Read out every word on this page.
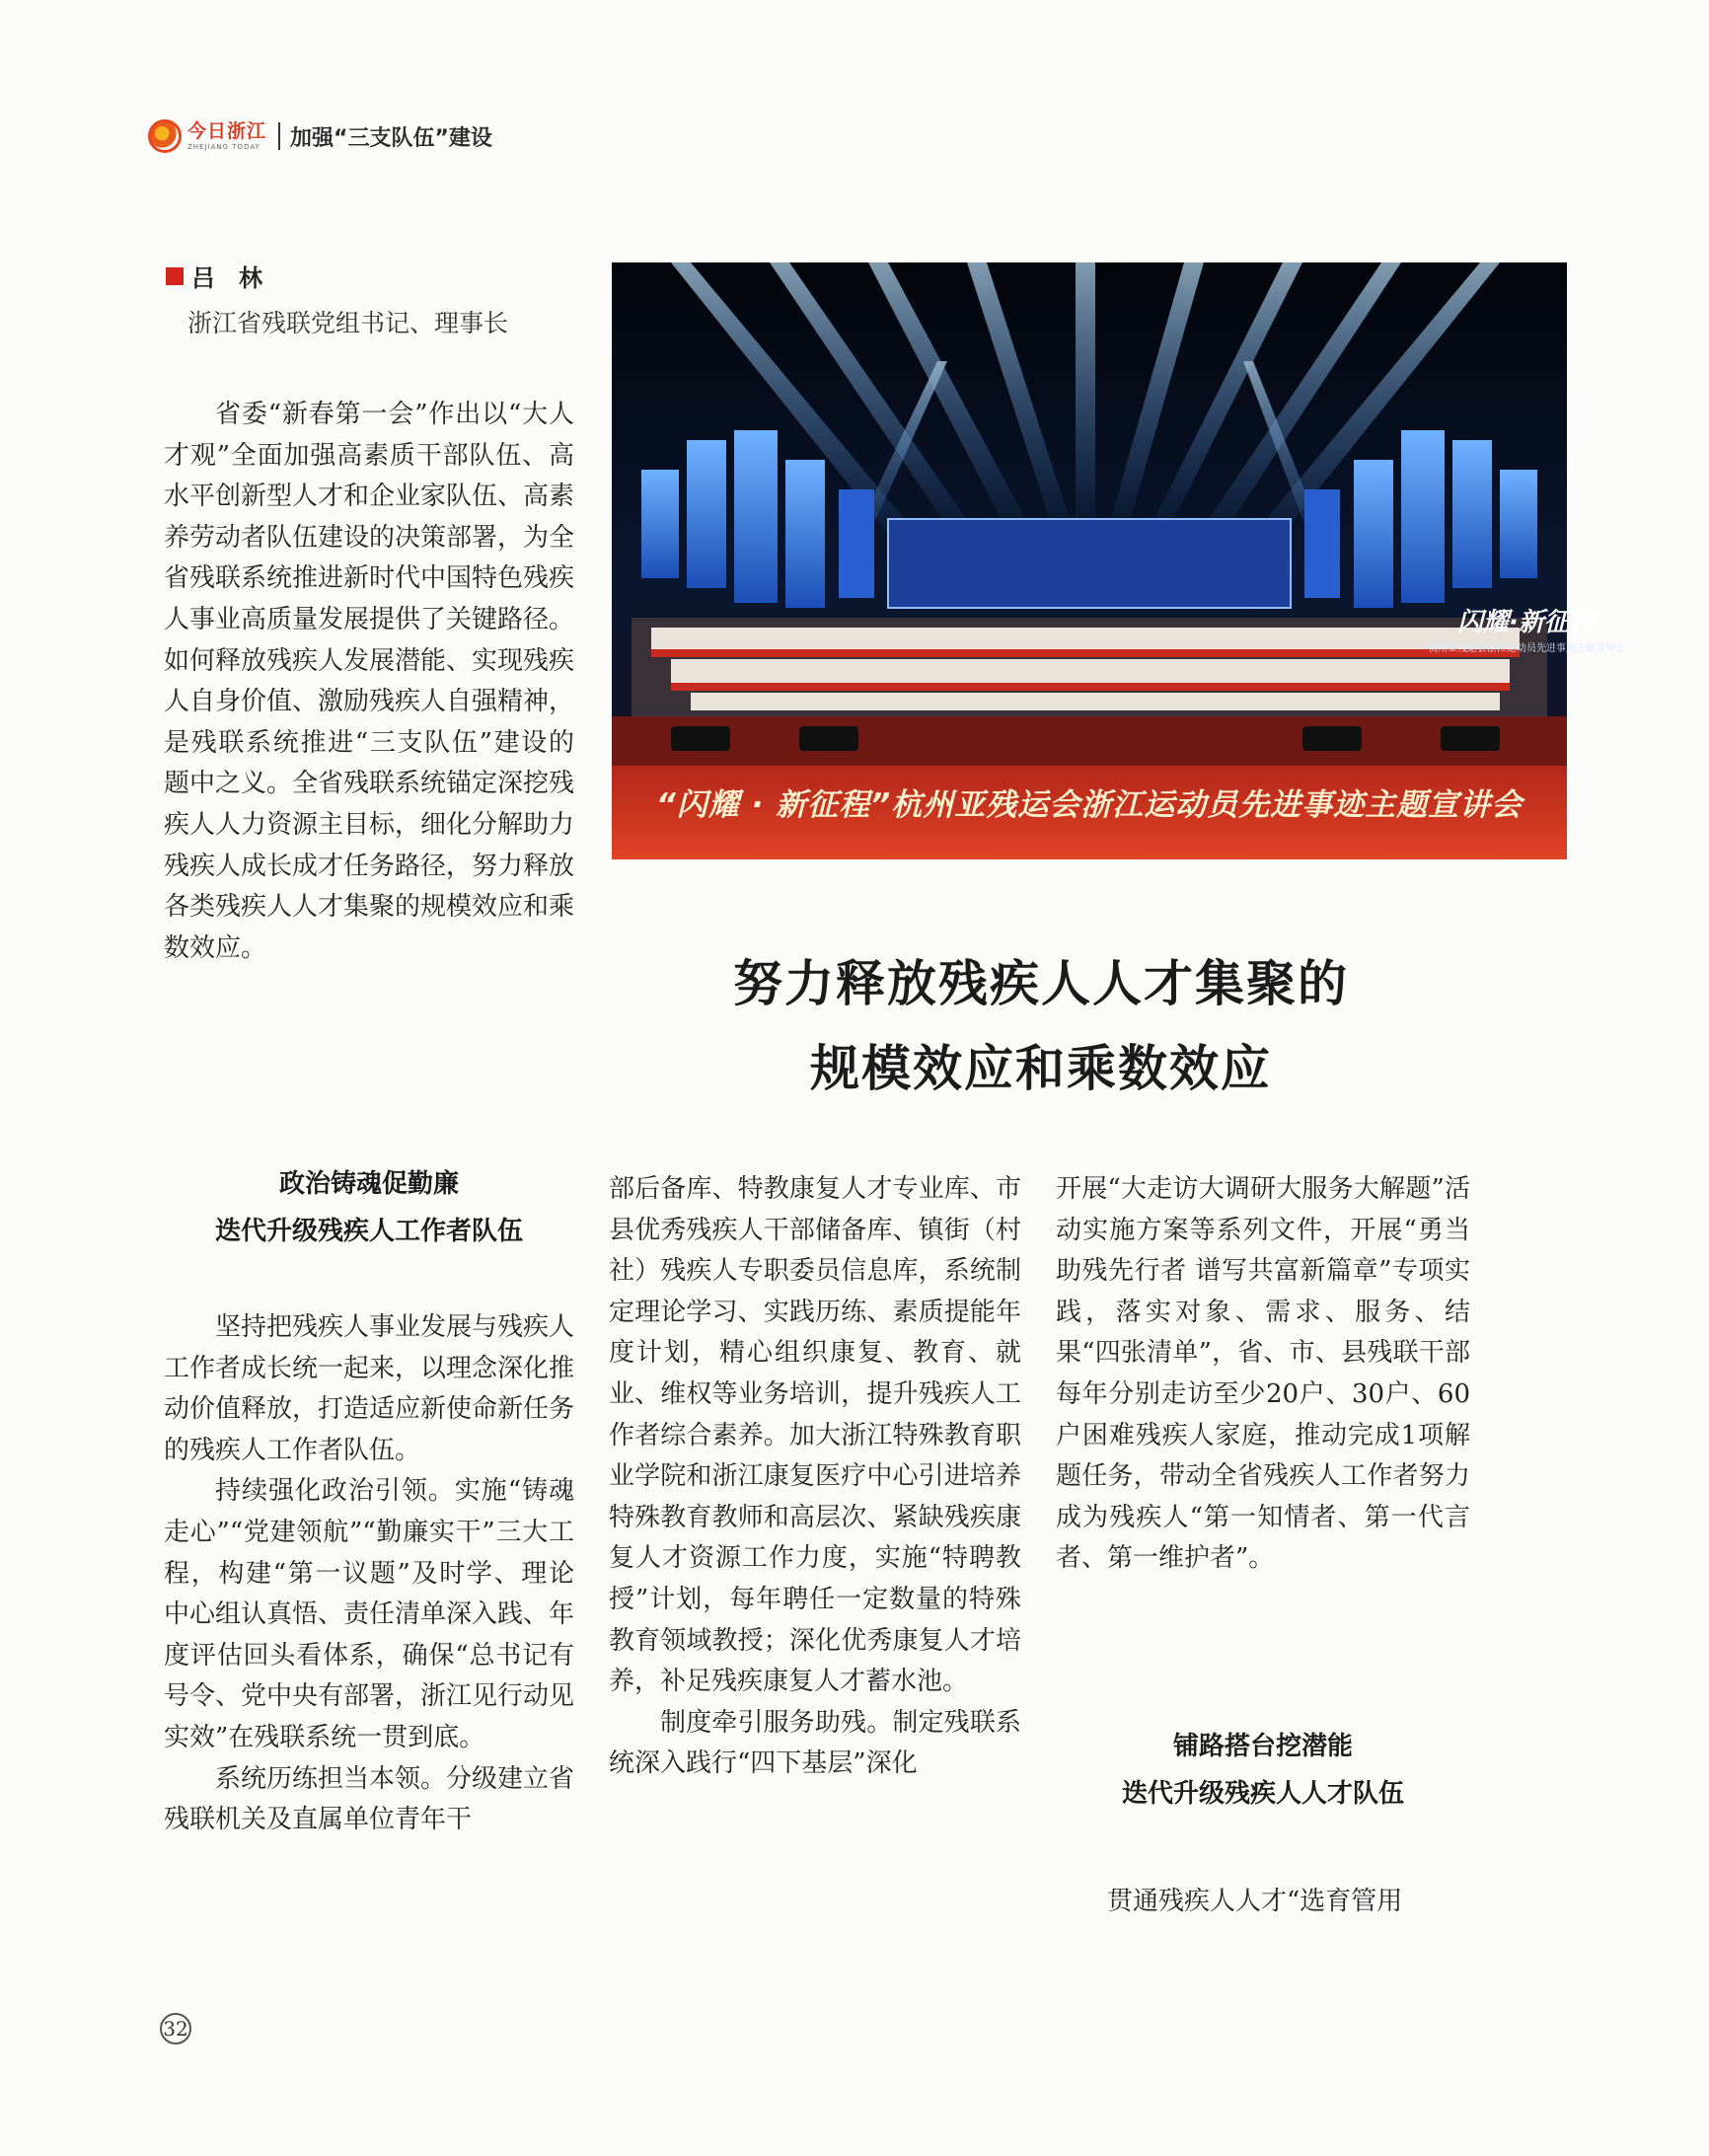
今日浙江
ZHEJIANG TODAY 加强“三支队伍”建设
吕　林
浙江省残联党组书记、理事长

省委“新春第一会”作出以“大人才观”全面加强高素质干部队伍、高水平创新型人才和企业家队伍、高素养劳动者队伍建设的决策部署，为全省残联系统推进新时代中国特色残疾人事业高质量发展提供了关键路径。如何释放残疾人发展潜能、实现残疾人自身价值、激励残疾人自强精神，是残联系统推进“三支队伍”建设的题中之义。全省残联系统锚定深挖残疾人人力资源主目标，细化分解助力残疾人成长成才任务路径，努力释放各类残疾人人才集聚的规模效应和乘数效应。

闪耀·新征程
杭州亚残运会浙江运动员先进事迹主题宣讲会
“闪耀 · 新征程”杭州亚残运会浙江运动员先进事迹主题宣讲会
努力释放残疾人人才集聚的
规模效应和乘数效应
政治铸魂促勤廉
迭代升级残疾人工作者队伍

坚持把残疾人事业发展与残疾人工作者成长统一起来，以理念深化推动价值释放，打造适应新使命新任务的残疾人工作者队伍。

持续强化政治引领。实施“铸魂走心”“党建领航”“勤廉实干”三大工程，构建“第一议题”及时学、理论中心组认真悟、责任清单深入践、年度评估回头看体系，确保“总书记有号令、党中央有部署，浙江见行动见实效”在残联系统一贯到底。

系统历练担当本领。分级建立省残联机关及直属单位青年干

部后备库、特教康复人才专业库、市县优秀残疾人干部储备库、镇街（村社）残疾人专职委员信息库，系统制定理论学习、实践历练、素质提能年度计划，精心组织康复、教育、就业、维权等业务培训，提升残疾人工作者综合素养。加大浙江特殊教育职业学院和浙江康复医疗中心引进培养特殊教育教师和高层次、紧缺残疾康复人才资源工作力度，实施“特聘教授”计划，每年聘任一定数量的特殊教育领域教授；深化优秀康复人才培养，补足残疾康复人才蓄水池。

制度牵引服务助残。制定残联系统深入践行“四下基层”深化

开展“大走访大调研大服务大解题”活动实施方案等系列文件，开展“勇当助残先行者 谱写共富新篇章”专项实践，落实对象、需求、服务、结果“四张清单”，省、市、县残联干部每年分别走访至少20户、30户、60户困难残疾人家庭，推动完成1项解题任务，带动全省残疾人工作者努力成为残疾人“第一知情者、第一代言者、第一维护者”。

铺路搭台挖潜能
迭代升级残疾人人才队伍

贯通残疾人人才“选育管用

32
